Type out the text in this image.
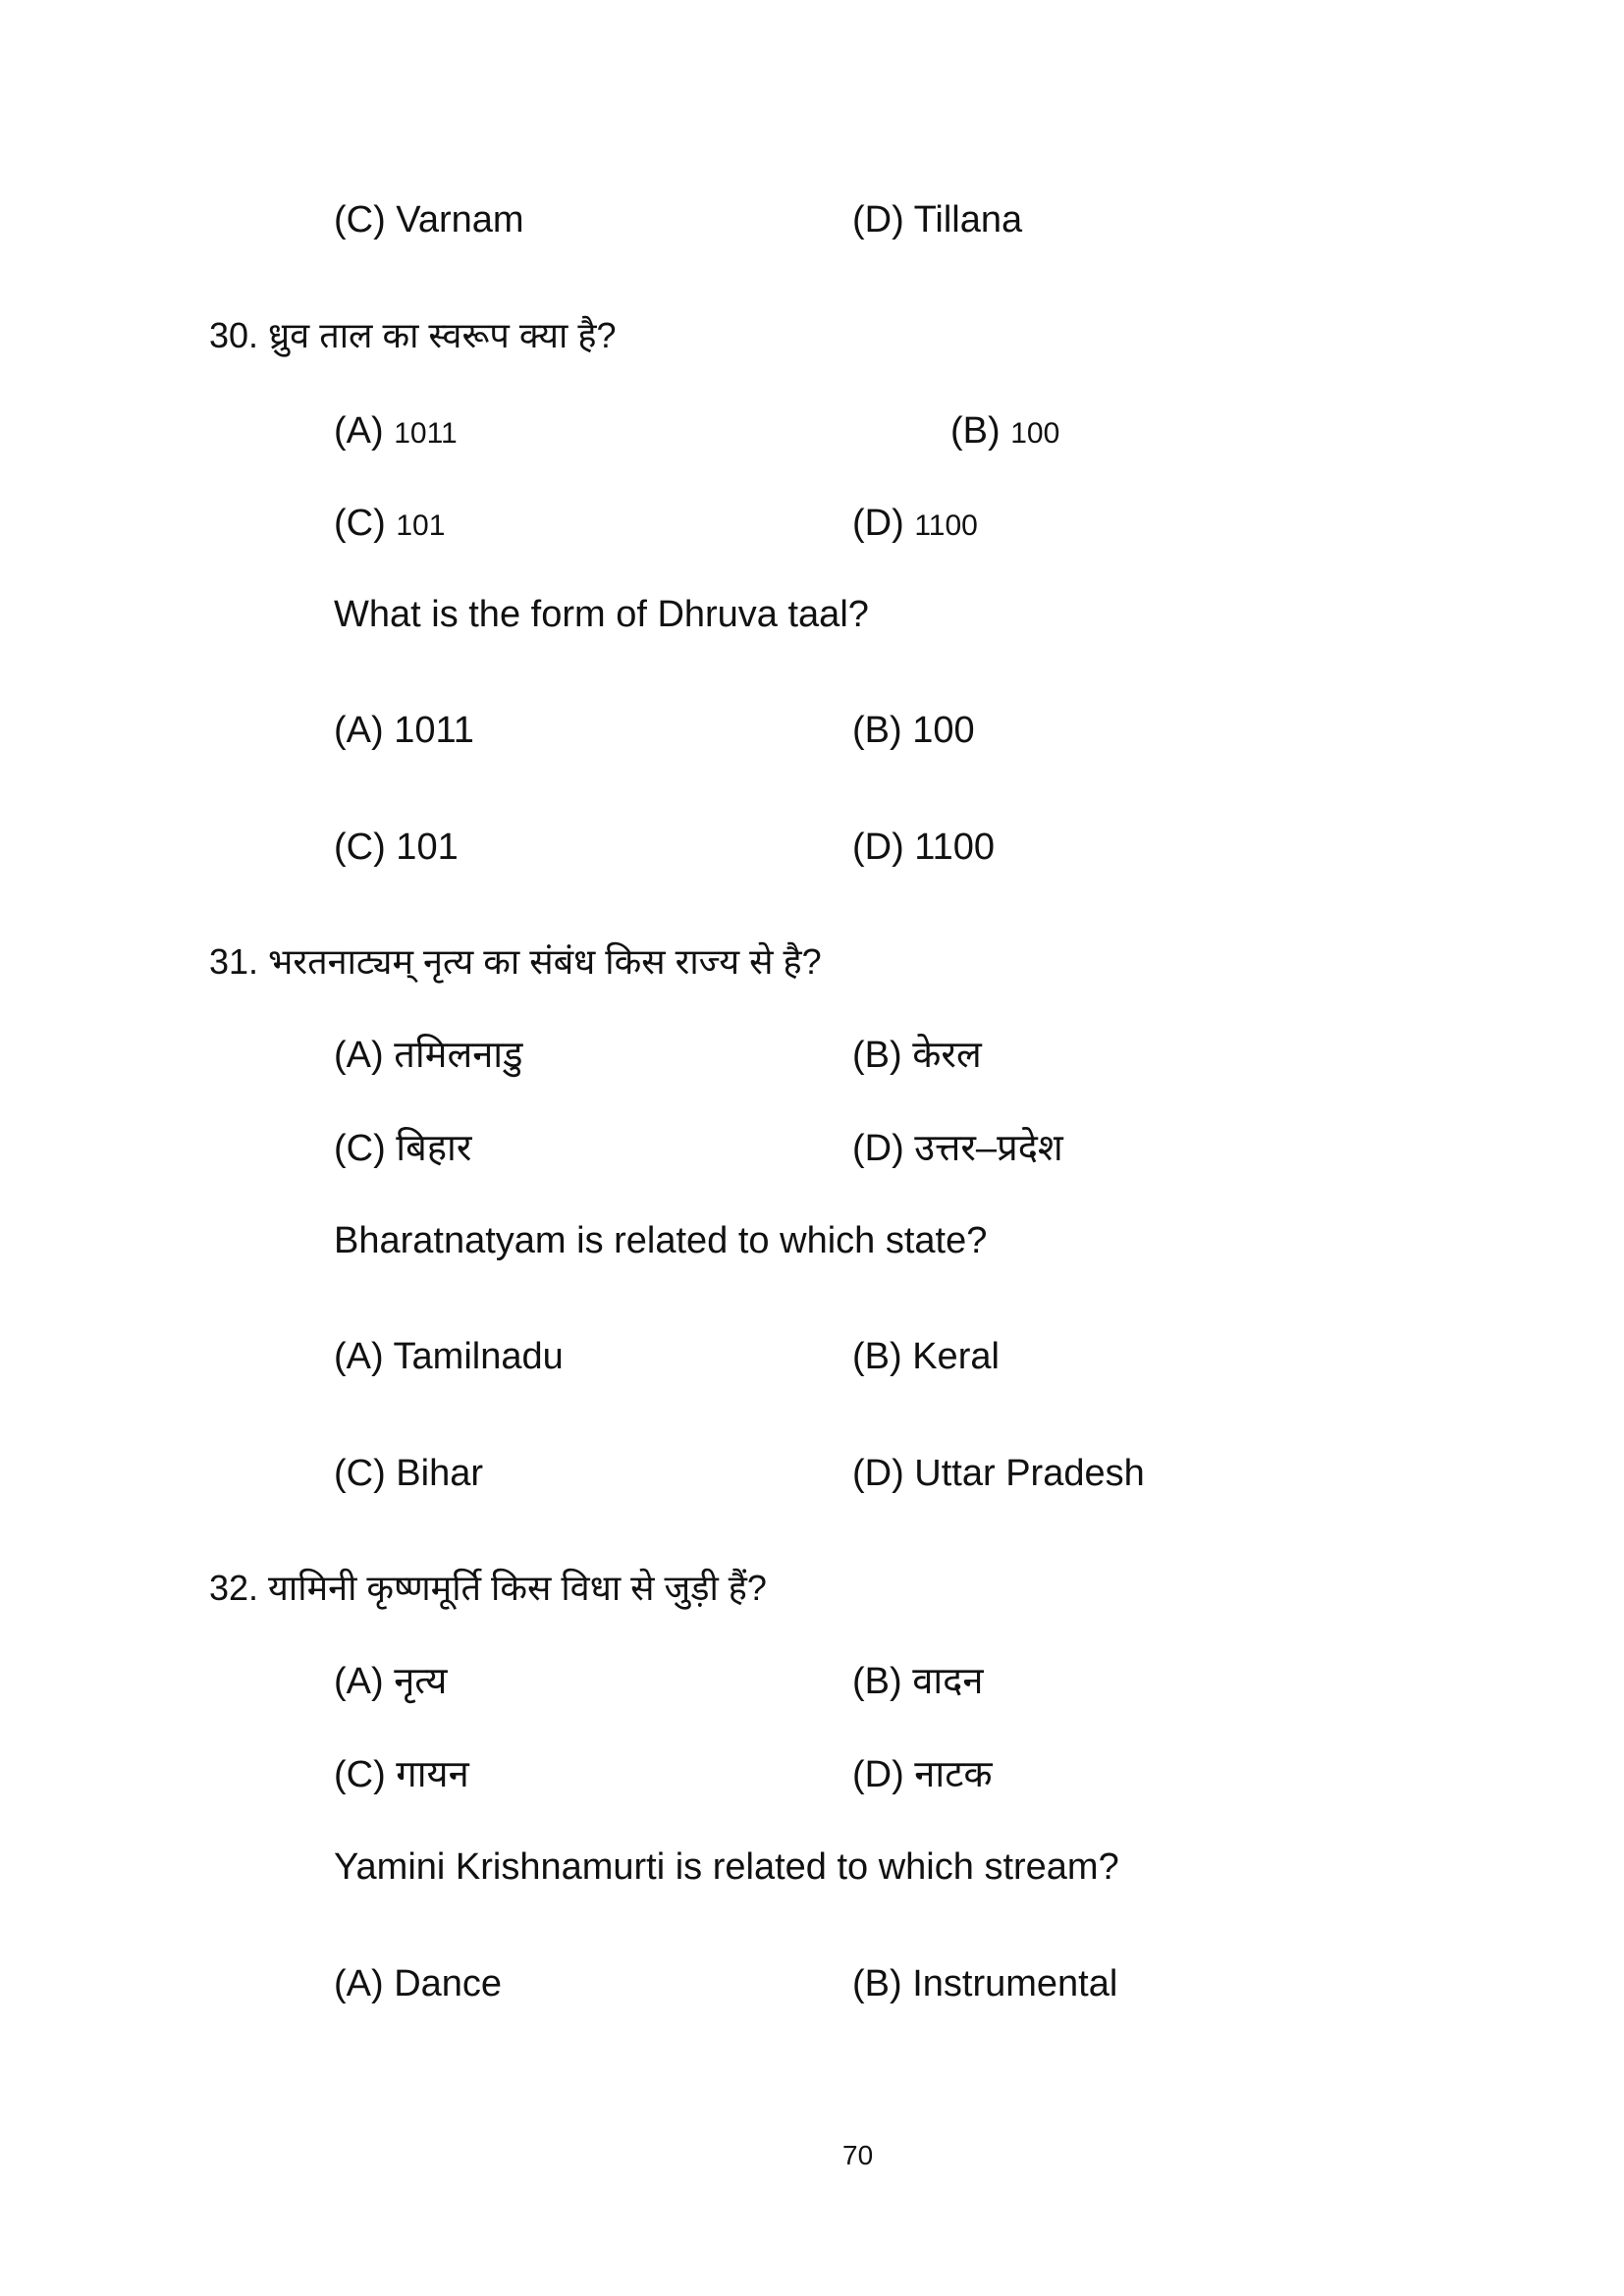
(C) Varnam	(D) Tillana
30. ध्रुव ताल का स्वरूप क्या है?
(A) 1011	(B) 100
(C) 101	(D) 1100
What is the form of Dhruva taal?
(A) 1011	(B) 100
(C) 101	(D) 1100
31. भरतनाट्यम् नृत्य का संबंध किस राज्य से है?
(A) तमिलनाडु	(B) केरल
(C) बिहार	(D) उत्तर–प्रदेश
Bharatnatyam is related to which state?
(A) Tamilnadu	(B) Keral
(C) Bihar	(D) Uttar Pradesh
32. यामिनी कृष्णमूर्ति किस विधा से जुड़ी हैं?
(A) नृत्य	(B) वादन
(C) गायन	(D) नाटक
Yamini Krishnamurti is related to which stream?
(A) Dance	(B) Instrumental
70
